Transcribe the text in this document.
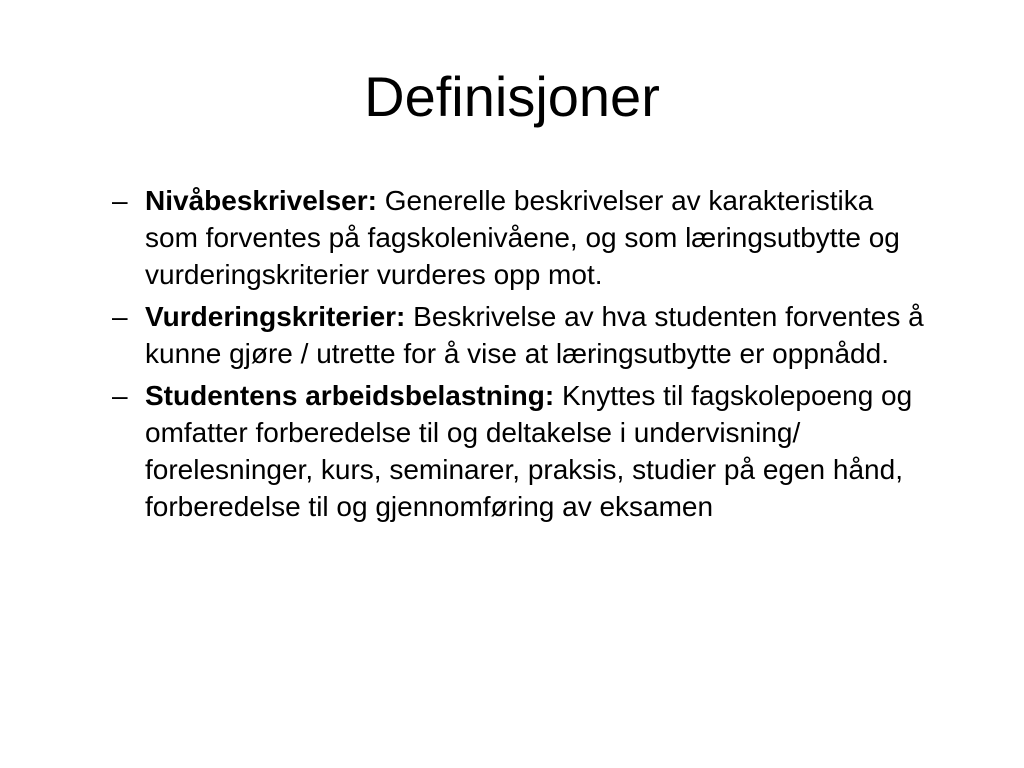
Definisjoner
– Nivåbeskrivelser: Generelle beskrivelser av karakteristika som forventes på fagskolenivåene, og som læringsutbytte og vurderingskriterier vurderes opp mot.
– Vurderingskriterier: Beskrivelse av hva studenten forventes å kunne gjøre / utrette for å vise at læringsutbytte er oppnådd.
– Studentens arbeidsbelastning: Knyttes til fagskolepoeng og omfatter forberedelse til og deltakelse i undervisning/ forelesninger, kurs, seminarer, praksis, studier på egen hånd, forberedelse til og gjennomføring av eksamen
